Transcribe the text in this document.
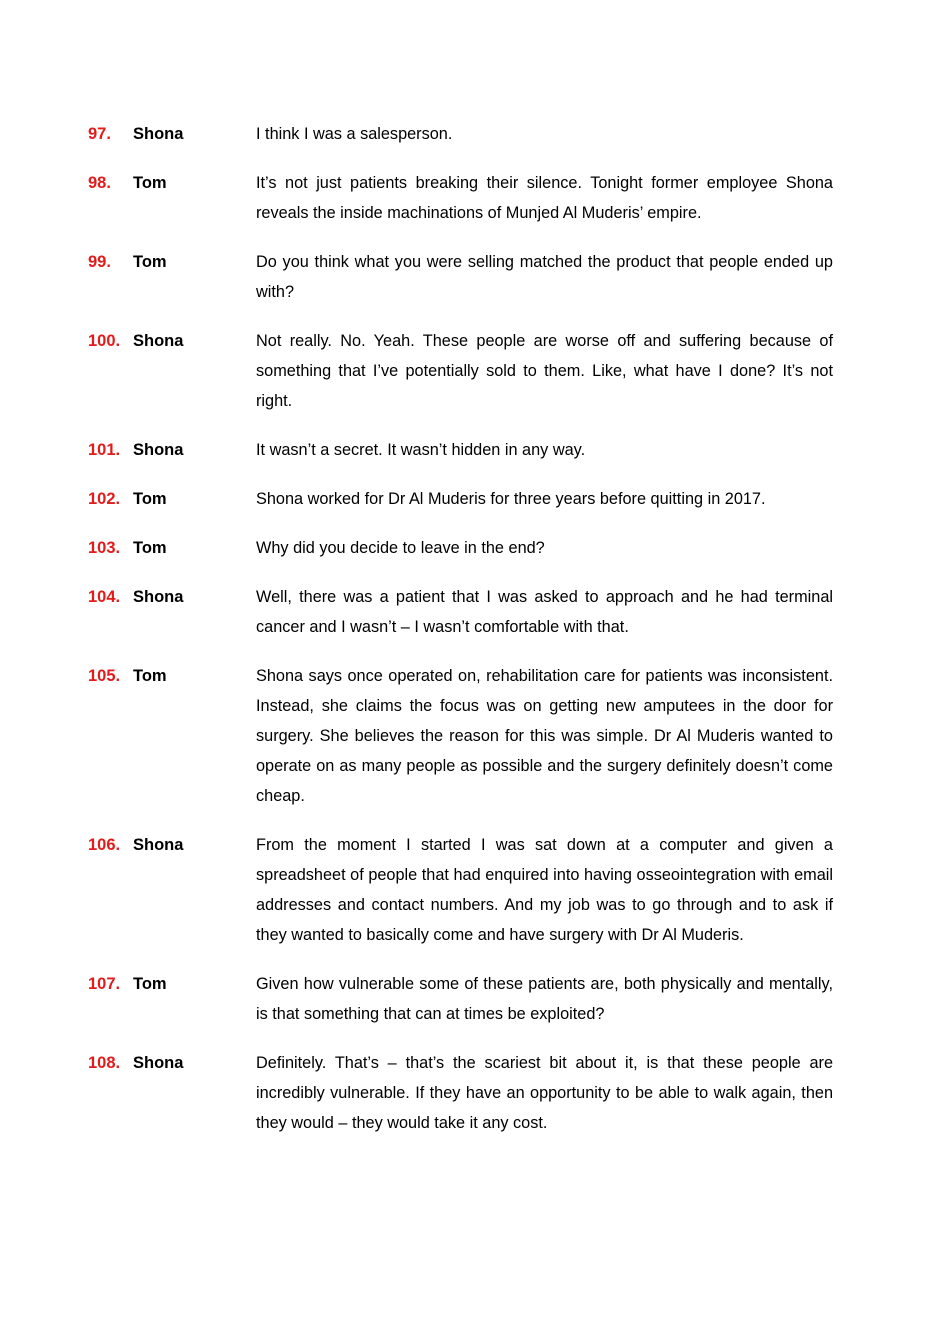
97.	Shona	I think I was a salesperson.
98.	Tom	It’s not just patients breaking their silence. Tonight former employee Shona reveals the inside machinations of Munjed Al Muderis’ empire.
99.	Tom	Do you think what you were selling matched the product that people ended up with?
100. Shona	Not really. No. Yeah. These people are worse off and suffering because of something that I’ve potentially sold to them. Like, what have I done? It’s not right.
101. Shona	It wasn’t a secret. It wasn’t hidden in any way.
102. Tom	Shona worked for Dr Al Muderis for three years before quitting in 2017.
103. Tom	Why did you decide to leave in the end?
104. Shona	Well, there was a patient that I was asked to approach and he had terminal cancer and I wasn’t – I wasn’t comfortable with that.
105. Tom	Shona says once operated on, rehabilitation care for patients was inconsistent. Instead, she claims the focus was on getting new amputees in the door for surgery. She believes the reason for this was simple. Dr Al Muderis wanted to operate on as many people as possible and the surgery definitely doesn’t come cheap.
106. Shona	From the moment I started I was sat down at a computer and given a spreadsheet of people that had enquired into having osseointegration with email addresses and contact numbers. And my job was to go through and to ask if they wanted to basically come and have surgery with Dr Al Muderis.
107. Tom	Given how vulnerable some of these patients are, both physically and mentally, is that something that can at times be exploited?
108. Shona	Definitely. That’s – that’s the scariest bit about it, is that these people are incredibly vulnerable. If they have an opportunity to be able to walk again, then they would – they would take it any cost.
